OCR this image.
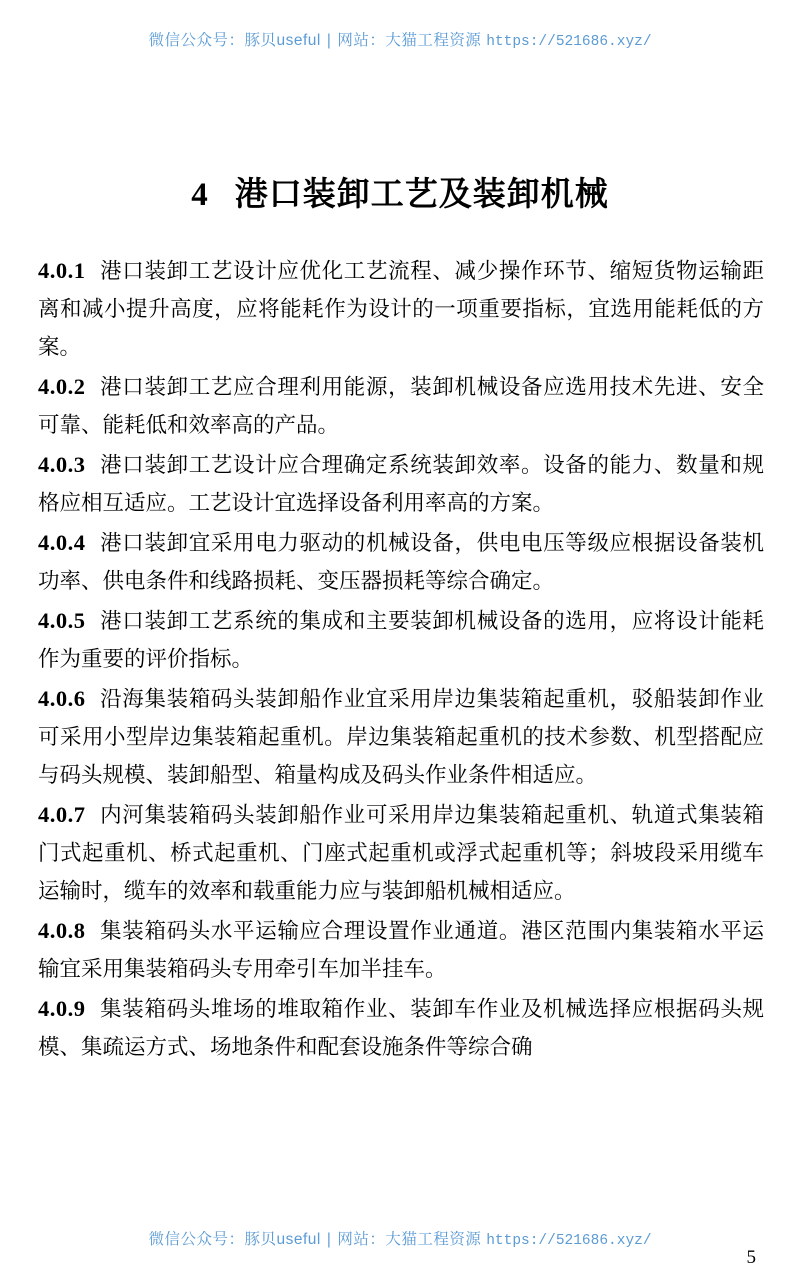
微信公众号：豚贝useful | 网站：大猫工程资源 https://521686.xyz/
4 港口装卸工艺及装卸机械

4.0.1 港口装卸工艺设计应优化工艺流程、减少操作环节、缩短货物运输距离和减小提升高度，应将能耗作为设计的一项重要指标，宜选用能耗低的方案。

4.0.2 港口装卸工艺应合理利用能源，装卸机械设备应选用技术先进、安全可靠、能耗低和效率高的产品。

4.0.3 港口装卸工艺设计应合理确定系统装卸效率。设备的能力、数量和规格应相互适应。工艺设计宜选择设备利用率高的方案。

4.0.4 港口装卸宜采用电力驱动的机械设备，供电电压等级应根据设备装机功率、供电条件和线路损耗、变压器损耗等综合确定。

4.0.5 港口装卸工艺系统的集成和主要装卸机械设备的选用，应将设计能耗作为重要的评价指标。

4.0.6 沿海集装箱码头装卸船作业宜采用岸边集装箱起重机，驳船装卸作业可采用小型岸边集装箱起重机。岸边集装箱起重机的技术参数、机型搭配应与码头规模、装卸船型、箱量构成及码头作业条件相适应。

4.0.7 内河集装箱码头装卸船作业可采用岸边集装箱起重机、轨道式集装箱门式起重机、桥式起重机、门座式起重机或浮式起重机等；斜坡段采用缆车运输时，缆车的效率和载重能力应与装卸船机械相适应。

4.0.8 集装箱码头水平运输应合理设置作业通道。港区范围内集装箱水平运输宜采用集装箱码头专用牵引车加半挂车。

4.0.9 集装箱码头堆场的堆取箱作业、装卸车作业及机械选择应根据码头规模、集疏运方式、场地条件和配套设施条件等综合确

微信公众号：豚贝useful | 网站：大猫工程资源 https://521686.xyz/
5
